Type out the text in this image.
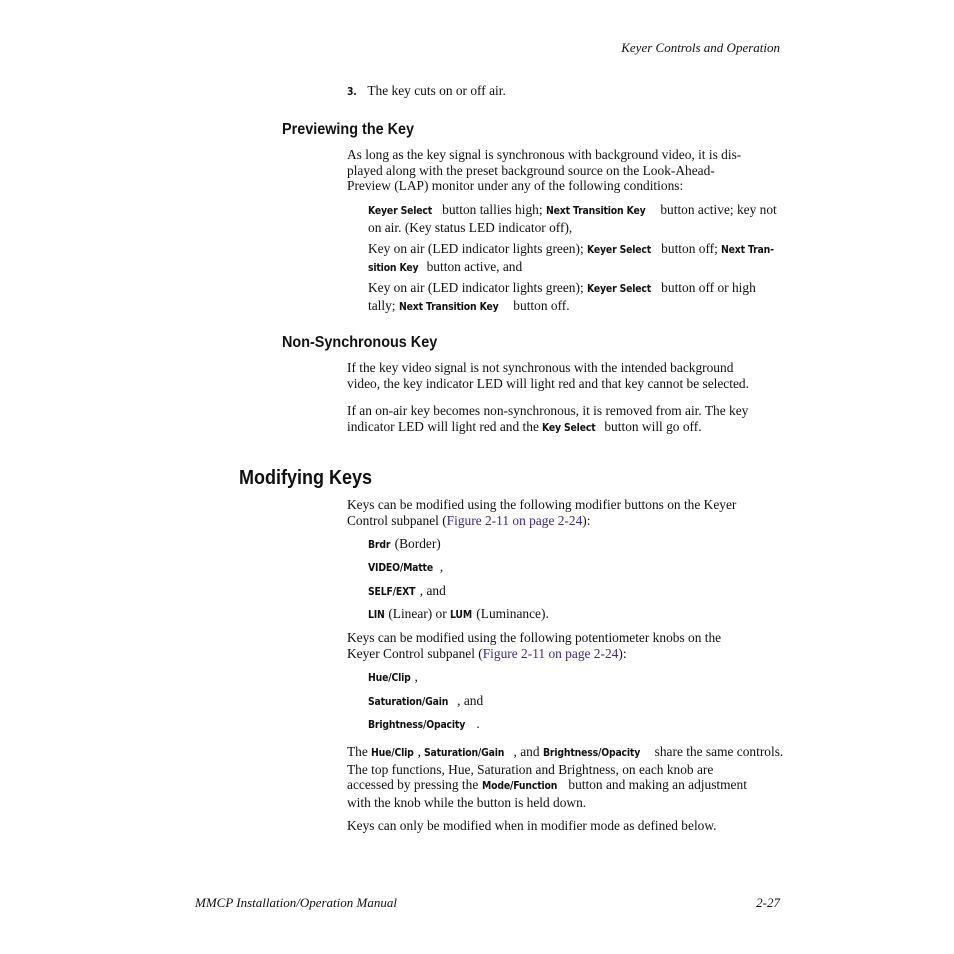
Keyer Controls and Operation
3. The key cuts on or off air.
Previewing the Key
As long as the key signal is synchronous with background video, it is dis-
played along with the preset background source on the Look-Ahead-
Preview (LAP) monitor under any of the following conditions:
Keyer Select button tallies high; Next Transition Key button active; key not
on air. (Key status LED indicator off),
Key on air (LED indicator lights green); Keyer Select button off; Next Tran-
sition Key button active, and
Key on air (LED indicator lights green); Keyer Select button off or high
tally; Next Transition Key button off.
Non-Synchronous Key
If the key video signal is not synchronous with the intended background
video, the key indicator LED will light red and that key cannot be selected.
If an on-air key becomes non-synchronous, it is removed from air. The key
indicator LED will light red and the Key Select button will go off.
Modifying Keys
Keys can be modified using the following modifier buttons on the Keyer
Control subpanel (Figure 2-11 on page 2-24):
Brdr (Border)
VIDEO/Matte ,
SELF/EXT , and
LIN (Linear) or LUM (Luminance).
Keys can be modified using the following potentiometer knobs on the
Keyer Control subpanel (Figure 2-11 on page 2-24):
Hue/Clip ,
Saturation/Gain , and
Brightness/Opacity .
The Hue/Clip , Saturation/Gain , and Brightness/Opacity share the same controls.
The top functions, Hue, Saturation and Brightness, on each knob are
accessed by pressing the Mode/Function button and making an adjustment
with the knob while the button is held down.
Keys can only be modified when in modifier mode as defined below.
MMCP Installation/Operation Manual	2-27
